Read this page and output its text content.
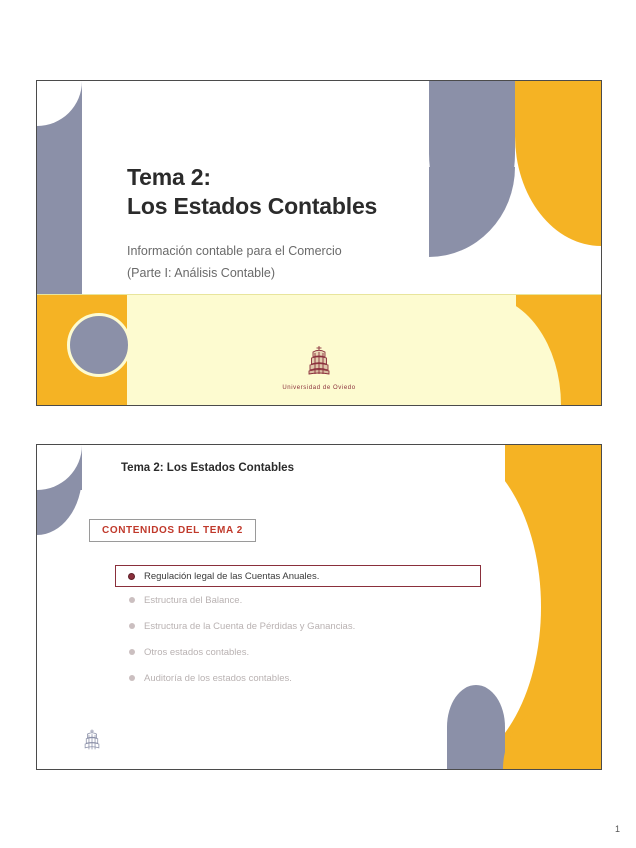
Tema 2:
Los Estados Contables
Información contable para el Comercio
(Parte I: Análisis Contable)
Universidad de Oviedo
Tema 2: Los Estados Contables
CONTENIDOS DEL TEMA 2
Regulación legal de las Cuentas Anuales.
Estructura del Balance.
Estructura de la Cuenta de Pérdidas y Ganancias.
Otros estados contables.
Auditoría de los estados contables.
1
